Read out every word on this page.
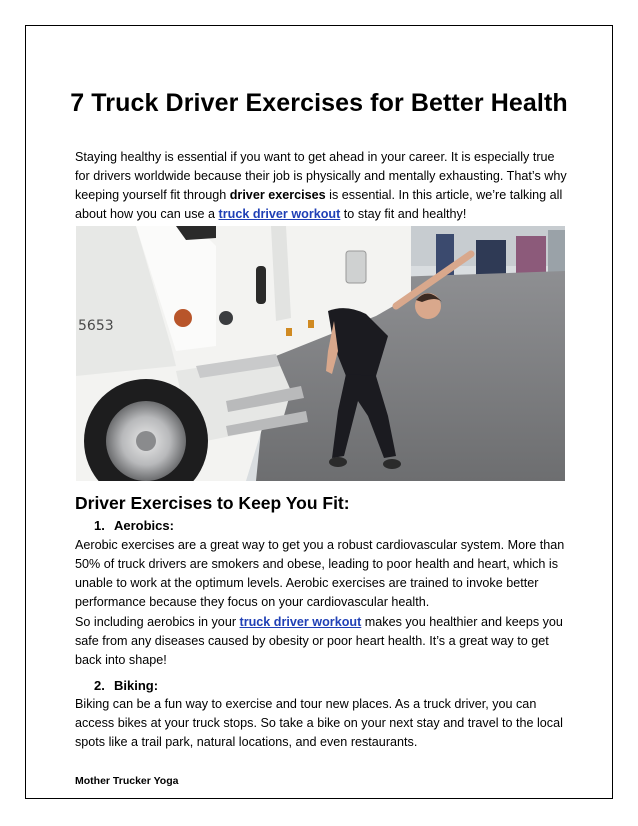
7 Truck Driver Exercises for Better Health

Staying healthy is essential if you want to get ahead in your career. It is especially true for drivers worldwide because their job is physically and mentally exhausting. That’s why keeping yourself fit through driver exercises is essential. In this article, we’re talking all about how you can use a truck driver workout to stay fit and healthy!

5653
Driver Exercises to Keep You Fit:
1. Aerobics:

Aerobic exercises are a great way to get you a robust cardiovascular system. More than 50% of truck drivers are smokers and obese, leading to poor health and heart, which is unable to work at the optimum levels. Aerobic exercises are trained to invoke better performance because they focus on your cardiovascular health.

So including aerobics in your truck driver workout makes you healthier and keeps you safe from any diseases caused by obesity or poor heart health. It’s a great way to get back into shape!

2. Biking:

Biking can be a fun way to exercise and tour new places. As a truck driver, you can access bikes at your truck stops. So take a bike on your next stay and travel to the local spots like a trail park, natural locations, and even restaurants.

Mother Trucker Yoga
